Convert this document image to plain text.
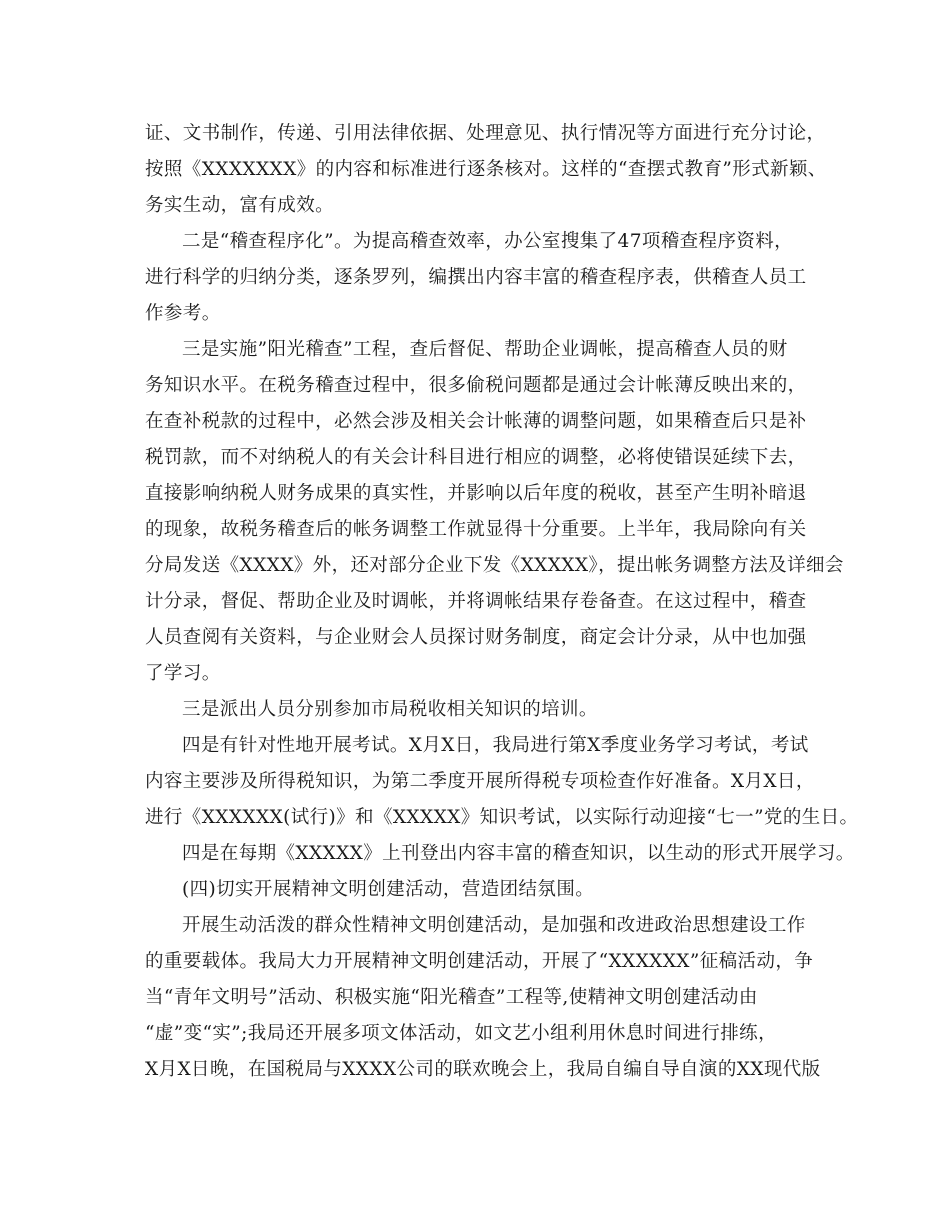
证、文书制作，传递、引用法律依据、处理意见、执行情况等方面进行充分讨论，
按照《XXXXXXX》的内容和标准进行逐条核对。这样的“查摆式教育”形式新颖、
务实生动，富有成效。
二是“稽查程序化”。为提高稽查效率，办公室搜集了47项稽查程序资料，
进行科学的归纳分类，逐条罗列，编撰出内容丰富的稽查程序表，供稽查人员工
作参考。
三是实施”阳光稽查”工程，查后督促、帮助企业调帐，提高稽查人员的财
务知识水平。在税务稽查过程中，很多偷税问题都是通过会计帐薄反映出来的，
在查补税款的过程中，必然会涉及相关会计帐薄的调整问题，如果稽查后只是补
税罚款，而不对纳税人的有关会计科目进行相应的调整，必将使错误延续下去，
直接影响纳税人财务成果的真实性，并影响以后年度的税收，甚至产生明补暗退
的现象，故税务稽查后的帐务调整工作就显得十分重要。上半年，我局除向有关
分局发送《XXXX》外，还对部分企业下发《XXXXX》，提出帐务调整方法及详细会
计分录，督促、帮助企业及时调帐，并将调帐结果存卷备查。在这过程中，稽查
人员查阅有关资料，与企业财会人员探讨财务制度，商定会计分录，从中也加强
了学习。
三是派出人员分别参加市局税收相关知识的培训。
四是有针对性地开展考试。X月X日，我局进行第X季度业务学习考试，考试
内容主要涉及所得税知识，为第二季度开展所得税专项检查作好准备。X月X日，
进行《XXXXXX(试行)》和《XXXXX》知识考试，以实际行动迎接“七一”党的生日。
四是在每期《XXXXX》上刊登出内容丰富的稽查知识，以生动的形式开展学习。
(四)切实开展精神文明创建活动，营造团结氛围。
开展生动活泼的群众性精神文明创建活动，是加强和改进政治思想建设工作
的重要载体。我局大力开展精神文明创建活动，开展了“XXXXXX”征稿活动，争
当“青年文明号”活动、积极实施“阳光稽查”工程等,使精神文明创建活动由
“虚”变“实”;我局还开展多项文体活动，如文艺小组利用休息时间进行排练，
X月X日晚，在国税局与XXXX公司的联欢晚会上，我局自编自导自演的XX现代版
